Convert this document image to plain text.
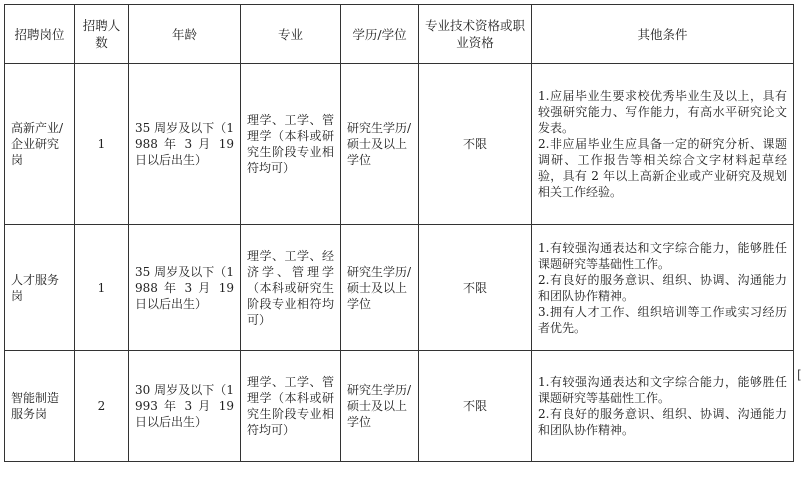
招聘岗位	招聘人数	年龄	专业	学历/学位	专业技术资格或职业资格	其他条件
高新产业/企业研究岗	1	35 周岁及以下（1988 年 3 月 19 日以后出生）	理学、工学、管理学（本科或研究生阶段专业相符均可）	研究生学历/硕士及以上学位	不限	1.应届毕业生要求校优秀毕业生及以上，具有较强研究能力、写作能力，有高水平研究论文发表。
2.非应届毕业生应具备一定的研究分析、课题调研、工作报告等相关综合文字材料起草经验，具有 2 年以上高新企业或产业研究及规划相关工作经验。

人才服务岗	1	35 周岁及以下（1988 年 3 月 19 日以后出生）	理学、工学、经济学、管理学（本科或研究生阶段专业相符均可）	研究生学历/硕士及以上学位	不限	1.有较强沟通表达和文字综合能力，能够胜任课题研究等基础性工作。
2.有良好的服务意识、组织、协调、沟通能力和团队协作精神。
3.拥有人才工作、组织培训等工作或实习经历者优先。

智能制造服务岗	2	30 周岁及以下（1993 年 3 月 19 日以后出生）	理学、工学、管理学（本科或研究生阶段专业相符均可）	研究生学历/硕士及以上学位	不限	1.有较强沟通表达和文字综合能力，能够胜任课题研究等基础性工作。
2.有良好的服务意识、组织、协调、沟通能力和团队协作精神。
[
